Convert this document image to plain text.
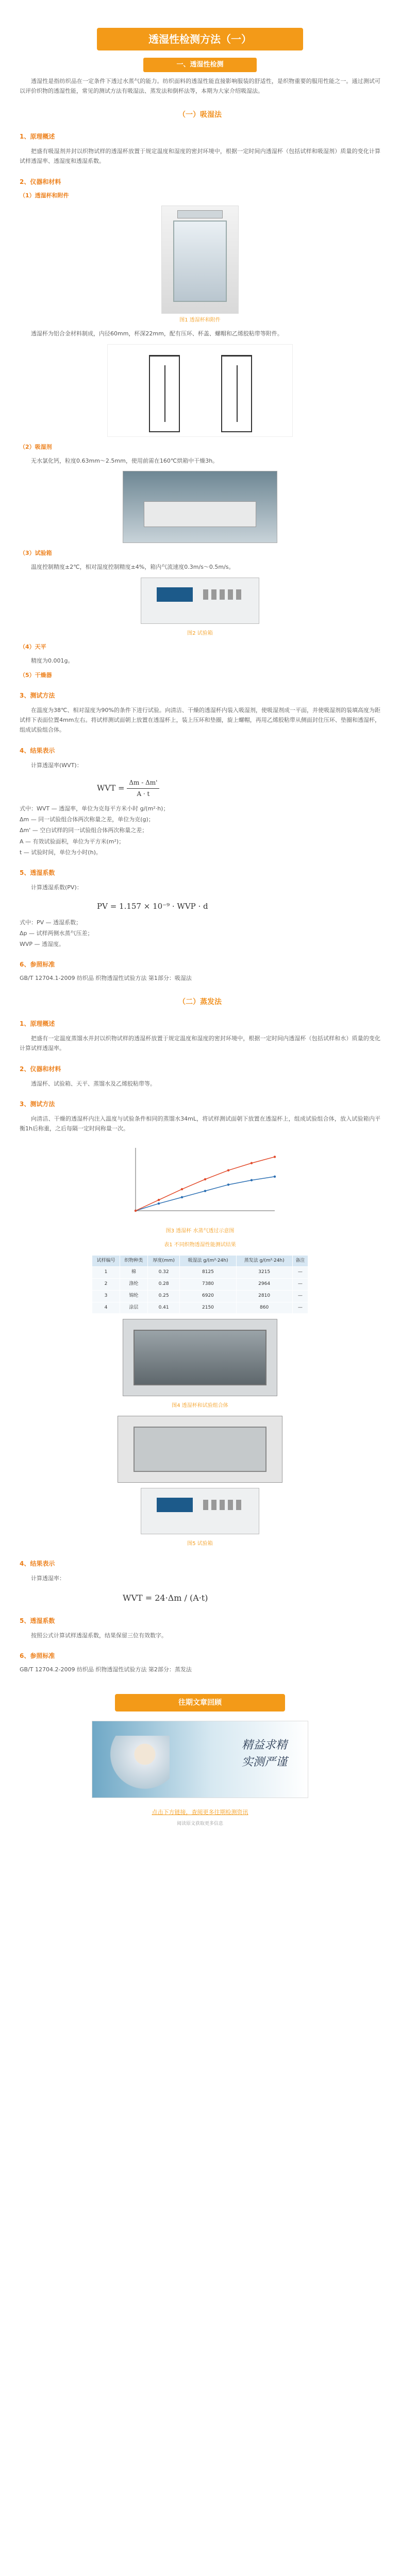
透湿性检测方法（一）
一、透湿性检测

透湿性是指纺织品在一定条件下透过水蒸气的能力。纺织面料的透湿性能直接影响服装的舒适性，是织物重要的服用性能之一。通过测试可以评价织物的透湿性能，常见的测试方法有吸湿法、蒸发法和倒杯法等，本期为大家介绍吸湿法。

（一）吸湿法
1、原理概述

把盛有吸湿剂并封以织物试样的透湿杯放置于规定温度和湿度的密封环境中，根据一定时间内透湿杯（包括试样和吸湿剂）质量的变化计算试样透湿率、透湿度和透湿系数。

2、仪器和材料
（1）透湿杯和附件
图1 透湿杯和附件

透湿杯为铝合金材料制成，内径60mm，杯深22mm，配有压环、杯盖、螺帽和乙烯胶粘带等附件。

（2）吸湿剂

无水氯化钙，粒度0.63mm～2.5mm，使用前需在160℃烘箱中干燥3h。

（3）试验箱

温度控制精度±2℃，相对湿度控制精度±4%，箱内气流速度0.3m/s～0.5m/s。

图2 试验箱
（4）天平

精度为0.001g。

（5）干燥器
3、测试方法

在温度为38℃、相对湿度为90%的条件下进行试验。向清洁、干燥的透湿杯内装入吸湿剂，使吸湿剂成一平面，并使吸湿剂的装填高度为距试样下表面位置4mm左右。将试样测试面朝上放置在透湿杯上，装上压环和垫圈，旋上螺帽，再用乙烯胶粘带从侧面封住压环、垫圈和透湿杯，组成试验组合体。

4、结果表示

计算透湿率(WVT)：

WVT = $\frac{\Delta m - \Delta m'}{A \cdot t}$
式中：WVT — 透湿率，单位为克每平方米小时 g/(m²·h)；
Δm — 同一试验组合体两次称量之差，单位为克(g)；
Δm' — 空白试样的同一试验组合体两次称量之差；
A — 有效试验面积，单位为平方米(m²)；
t — 试验时间，单位为小时(h)。
5、透湿系数

计算透湿系数(PV)：

PV = 1.157 × 10⁻⁹ · WVP · d
式中：PV — 透湿系数；
Δp — 试样两侧水蒸气压差；
WVP — 透湿度。
6、参照标准

GB/T 12704.1-2009 纺织品 织物透湿性试验方法 第1部分：吸湿法

（二）蒸发法
1、原理概述

把盛有一定温度蒸馏水并封以织物试样的透湿杯放置于规定温度和湿度的密封环境中，根据一定时间内透湿杯（包括试样和水）质量的变化计算试样透湿率。

2、仪器和材料

透湿杯、试验箱、天平、蒸馏水及乙烯胶粘带等。

3、测试方法

向清洁、干燥的透湿杯内注入温度与试验条件相同的蒸馏水34mL，将试样测试面朝下放置在透湿杯上，组成试验组合体，放入试验箱内平衡1h后称重，之后每隔一定时间称量一次。

图3 透湿杯 水蒸气透过示意图
表1 不同织物透湿性能测试结果
试样编号	织物种类	厚度(mm)	吸湿法 g/(m²·24h)	蒸发法 g/(m²·24h)	备注
1	棉	0.32	8125	3215	—
2	涤纶	0.28	7380	2964	—
3	锦纶	0.25	6920	2810	—
4	涂层	0.41	2150	860	—
图4 透湿杯和试验组合体
图5 试验箱
4、结果表示

计算透湿率：

WVT = 24·Δm / (A·t)
5、透湿系数

按照公式计算试样透湿系数，结果保留三位有效数字。

6、参照标准

GB/T 12704.2-2009 纺织品 织物透湿性试验方法 第2部分：蒸发法

往期文章回顾
精益求精
实测严谨
点击下方链接，查阅更多往期检测资讯
阅读原文获取更多信息
